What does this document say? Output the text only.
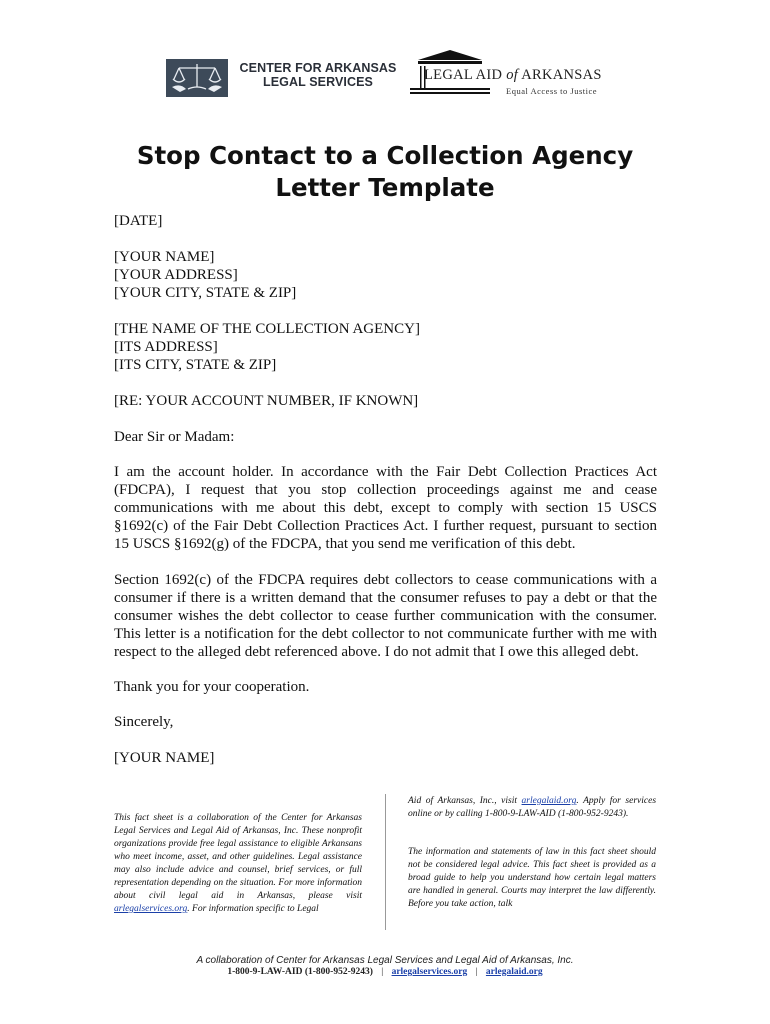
CENTER FOR ARKANSAS
LEGAL SERVICES	LEGAL AID of ARKANSAS
Equal Access to Justice
Stop Contact to a Collection Agency
Letter Template

[DATE]

[YOUR NAME]
[YOUR ADDRESS]
[YOUR CITY, STATE & ZIP]
[THE NAME OF THE COLLECTION AGENCY]
[ITS ADDRESS]
[ITS CITY, STATE & ZIP]

[RE: YOUR ACCOUNT NUMBER, IF KNOWN]

Dear Sir or Madam:

I am the account holder. In accordance with the Fair Debt Collection Practices Act (FDCPA), I request that you stop collection proceedings against me and cease communications with me about this debt, except to comply with section 15 USCS §1692(c) of the Fair Debt Collection Practices Act. I further request, pursuant to section 15 USCS §1692(g) of the FDCPA, that you send me verification of this debt.

Section 1692(c) of the FDCPA requires debt collectors to cease communications with a consumer if there is a written demand that the consumer refuses to pay a debt or that the consumer wishes the debt collector to cease further communication with the consumer. This letter is a notification for the debt collector to not communicate further with me with respect to the alleged debt referenced above. I do not admit that I owe this alleged debt.

Thank you for your cooperation.

Sincerely,

[YOUR NAME]

This fact sheet is a collaboration of the Center for Arkansas Legal Services and Legal Aid of Arkansas, Inc. These nonprofit organizations provide free legal assistance to eligible Arkansans who meet income, asset, and other guidelines. Legal assistance may also include advice and counsel, brief services, or full representation depending on the situation. For more information about civil legal aid in Arkansas, please visit arlegalservices.org. For information specific to Legal

Aid of Arkansas, Inc., visit arlegalaid.org. Apply for services online or by calling 1-800-9-LAW-AID (1-800-952-9243).

The information and statements of law in this fact sheet should not be considered legal advice. This fact sheet is provided as a broad guide to help you understand how certain legal matters are handled in general. Courts may interpret the law differently. Before you take action, talk

A collaboration of Center for Arkansas Legal Services and Legal Aid of Arkansas, Inc.
1-800-9-LAW-AID (1-800-952-9243) | arlegalservices.org | arlegalaid.org
